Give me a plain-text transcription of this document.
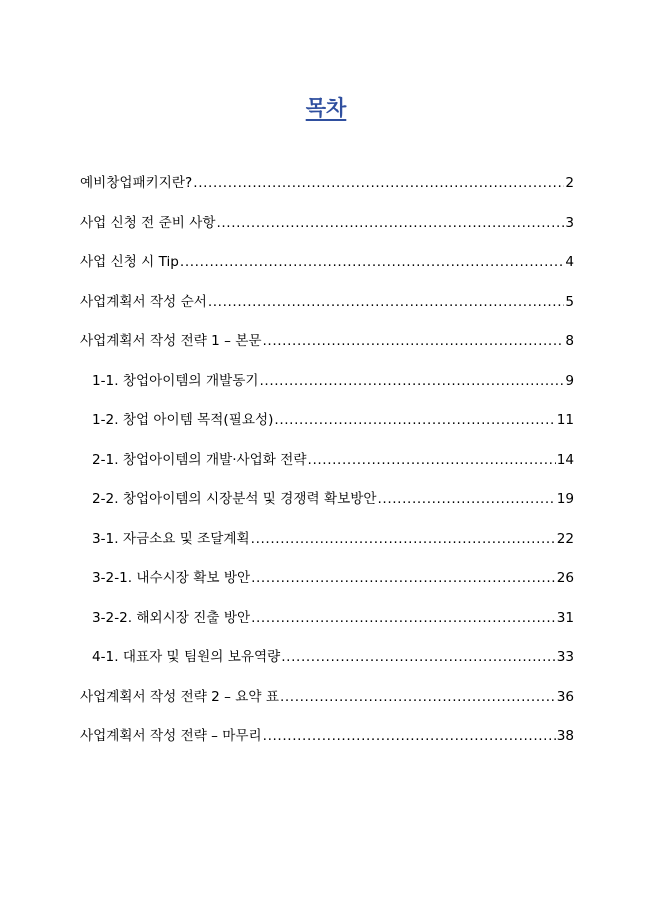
목차
예비창업패키지란? .....	2
사업 신청 전 준비 사항 .....	3
사업 신청 시 Tip .....	4
사업계획서 작성 순서 .....	5
사업계획서 작성 전략 1 – 본문 .....	8
1-1. 창업아이템의 개발동기 .....	9
1-2. 창업 아이템 목적(필요성) .....	11
2-1. 창업아이템의 개발·사업화 전략 .....	14
2-2. 창업아이템의 시장분석 및 경쟁력 확보방안 .....	19
3-1. 자금소요 및 조달계획 .....	22
3-2-1. 내수시장 확보 방안 .....	26
3-2-2. 해외시장 진출 방안 .....	31
4-1. 대표자 및 팀원의 보유역량 .....	33
사업계획서 작성 전략 2 – 요약 표 .....	36
사업계획서 작성 전략 – 마무리 .....	38
